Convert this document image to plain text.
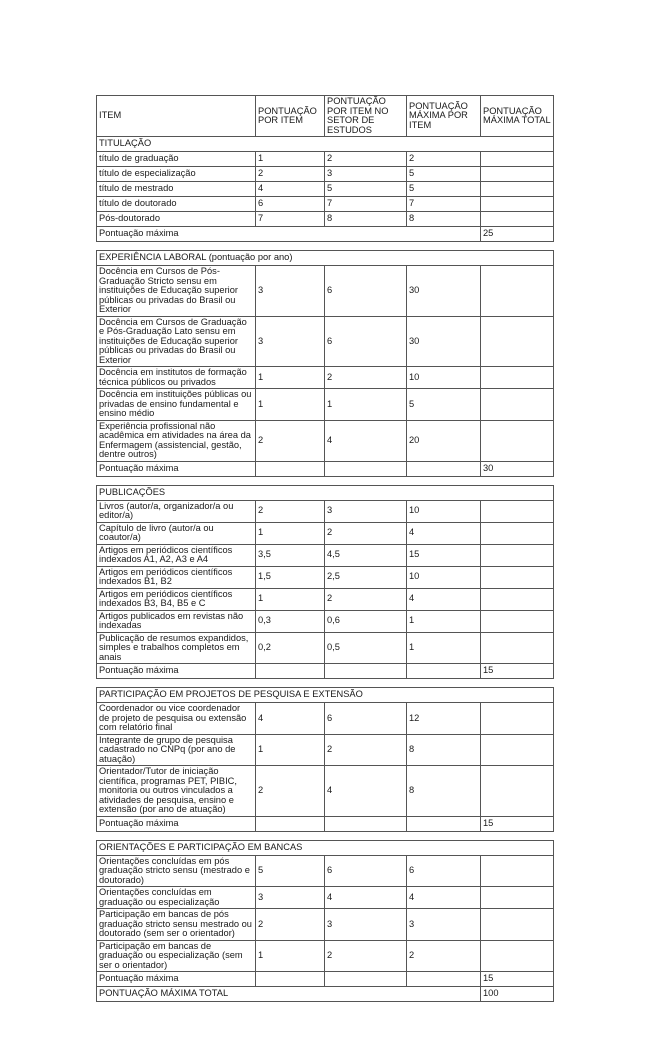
ITEM	PONTUAÇÃO POR ITEM	PONTUAÇÃO POR ITEM NO SETOR DE ESTUDOS	PONTUAÇÃO MÁXIMA POR ITEM	PONTUAÇÃO MÁXIMA TOTAL
TITULAÇÃO				
título de graduação	1	2	2	
título de especialização	2	3	5	
título de mestrado	4	5	5	
título de doutorado	6	7	7	
Pós-doutorado	7	8	8	
Pontuação máxima				25

EXPERIÊNCIA LABORAL (pontuação por ano)				
Docência em Cursos de Pós-Graduação Stricto sensu em instituições de Educação superior públicas ou privadas do Brasil ou Exterior	3	6	30	
Docência em Cursos de Graduação e Pós-Graduação Lato sensu em instituições de Educação superior públicas ou privadas do Brasil ou Exterior	3	6	30	
Docência em institutos de formação técnica públicos ou privados	1	2	10	
Docência em instituições públicas ou privadas de ensino fundamental e ensino médio	1	1	5	
Experiência profissional não acadêmica em atividades na área da Enfermagem (assistencial, gestão, dentre outros)	2	4	20	
Pontuação máxima				30

PUBLICAÇÕES				
Livros (autor/a, organizador/a ou editor/a)	2	3	10	
Capítulo de livro (autor/a ou coautor/a)	1	2	4	
Artigos em periódicos científicos indexados A1, A2, A3 e A4	3,5	4,5	15	
Artigos em periódicos científicos indexados B1, B2	1,5	2,5	10	
Artigos em periódicos científicos indexados B3, B4, B5 e C	1	2	4	
Artigos publicados em revistas não indexadas	0,3	0,6	1	
Publicação de resumos expandidos, simples e trabalhos completos em anais	0,2	0,5	1	
Pontuação máxima				15

PARTICIPAÇÃO EM PROJETOS DE PESQUISA E EXTENSÃO				
Coordenador ou vice coordenador de projeto de pesquisa ou extensão com relatório final	4	6	12	
Integrante de grupo de pesquisa cadastrado no CNPq (por ano de atuação)	1	2	8	
Orientador/Tutor de iniciação científica, programas PET, PIBIC, monitoria ou outros vinculados a atividades de pesquisa, ensino e extensão (por ano de atuação)	2	4	8	
Pontuação máxima				15

ORIENTAÇÕES E PARTICIPAÇÃO EM BANCAS				
Orientações concluídas em pós graduação stricto sensu (mestrado e doutorado)	5	6	6	
Orientações concluídas em graduação ou especialização	3	4	4	
Participação em bancas de pós graduação stricto sensu mestrado ou doutorado (sem ser o orientador)	2	3	3	
Participação em bancas de graduação ou especialização (sem ser o orientador)	1	2	2	
Pontuação máxima				15
PONTUAÇÃO MÁXIMA TOTAL				100
